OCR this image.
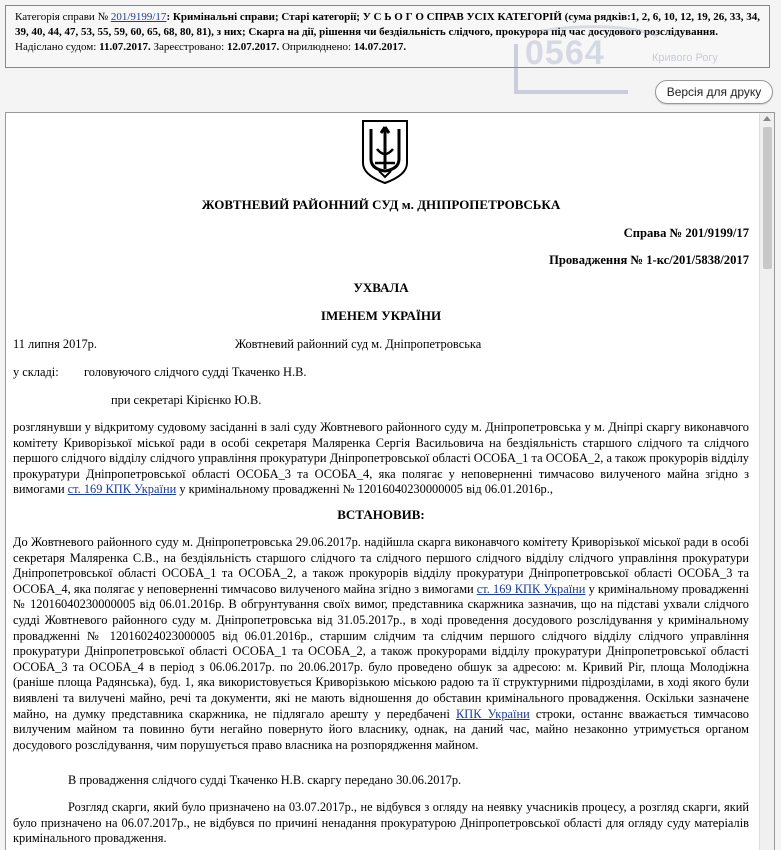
Категорія справи № 201/9199/17: Кримінальні справи; Старі категорії; У С Ь О Г О СПРАВ УСІХ КАТЕГОРІЙ (сума рядків:1, 2, 6, 10, 12, 19, 26, 33, 34, 39, 40, 44, 47, 53, 55, 59, 60, 65, 68, 80, 81), з них; Скарга на дії, рішення чи бездіяльність слідчого, прокурора під час досудового розслідування.
Надіслано судом: 11.07.2017. Зареєстровано: 12.07.2017. Оприлюднено: 14.07.2017.	0564	Кривого Рогу
Версія для друку
ЖОВТНЕВИЙ РАЙОННИЙ СУД м. ДНІПРОПЕТРОВСЬКА
Справа № 201/9199/17
Провадження № 1-кс/201/5838/2017
УХВАЛА
ІМЕНЕМ УКРАЇНИ
11 липня 2017р.	Жовтневий районний суд м. Дніпропетровська
у складі: головуючого слідчого судді Ткаченко Н.В.
при секретарі Кірієнко Ю.В.
розглянувши у відкритому судовому засіданні в залі суду Жовтневого районного суду м. Дніпропетровська у м. Дніпрі скаргу виконавчого комітету Криворізької міської ради в особі секретаря Маляренка Сергія Васильовича на бездіяльність старшого слідчого та слідчого першого слідчого відділу слідчого управління прокуратури Дніпропетровської області ОСОБА_1 та ОСОБА_2, а також прокурорів відділу прокуратури Дніпропетровської області ОСОБА_3 та ОСОБА_4, яка полягає у неповерненні тимчасово вилученого майна згідно з вимогами ст. 169 КПК України у кримінальному провадженні № 12016040230000005 від 06.01.2016р.,
ВСТАНОВИВ:
До Жовтневого районного суду м. Дніпропетровська 29.06.2017р. надійшла скарга виконавчого комітету Криворізької міської ради в особі секретаря Маляренка С.В., на бездіяльність старшого слідчого та слідчого першого слідчого відділу слідчого управління прокуратури Дніпропетровської області ОСОБА_1 та ОСОБА_2, а також прокурорів відділу прокуратури Дніпропетровської області ОСОБА_3 та ОСОБА_4, яка полягає у неповерненні тимчасово вилученого майна згідно з вимогами ст. 169 КПК України у кримінальному провадженні № 12016040230000005 від 06.01.2016р. В обгрунтування своїх вимог, представника скаржника зазначив, що на підставі ухвали слідчого судді Жовтневого районного суду м. Дніпропетровська від 31.05.2017р., в ході проведення досудового розслідування у кримінальному провадженні № 12016024023000005 від 06.01.2016р., старшим слідчим та слідчим першого слідчого відділу слідчого управління прокуратури Дніпропетровської області ОСОБА_1 та ОСОБА_2, а також прокурорами відділу прокуратури Дніпропетровської області ОСОБА_3 та ОСОБА_4 в період з 06.06.2017р. по 20.06.2017р. було проведено обшук за адресою: м. Кривий Ріг, площа Молодіжна (раніше площа Радянська), буд. 1, яка використовується Криворізькою міською радою та її структурними підрозділами, в ході якого були виявлені та вилучені майно, речі та документи, які не мають відношення до обставин кримінального провадження. Оскільки зазначене майно, на думку представника скаржника, не підлягало арешту у передбачені КПК України строки, останнє вважається тимчасово вилученим майном та повинно бути негайно повернуто його власнику, однак, на даний час, майно незаконно утримується органом досудового розслідування, чим порушується право власника на розпорядження майном.
В провадження слідчого судді Ткаченко Н.В. скаргу передано 30.06.2017р.
Розгляд скарги, який було призначено на 03.07.2017р., не відбувся з огляду на неявку учасників процесу, а розгляд скарги, який було призначено на 06.07.2017р., не відбувся по причині ненадання прокуратурою Дніпропетровської області для огляду суду матеріалів кримінального провадження.
